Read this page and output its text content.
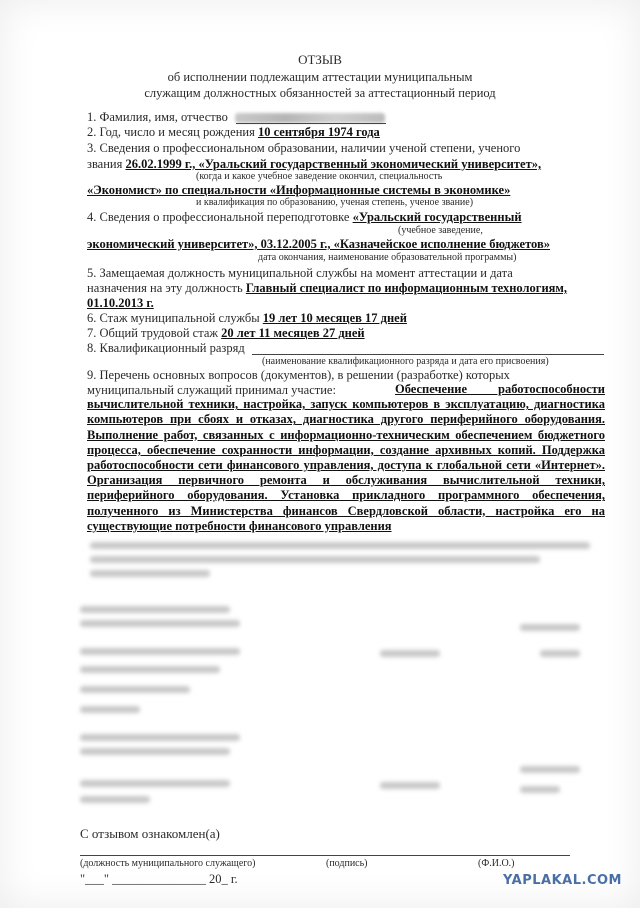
ОТЗЫВ
об исполнении подлежащим аттестации муниципальным
служащим должностных обязанностей за аттестационный период
1. Фамилия, имя, отчество
2. Год, число и месяц рождения 10 сентября 1974 года
3. Сведения о профессиональном образовании, наличии ученой степени, ученого
звания 26.02.1999 г., «Уральский государственный экономический университет»,
(когда и какое учебное заведение окончил, специальность
«Экономист» по специальности «Информационные системы в экономике»
и квалификация по образованию, ученая степень, ученое звание)
4. Сведения о профессиональной переподготовке «Уральский государственный
(учебное заведение,
экономический университет», 03.12.2005 г., «Казначейское исполнение бюджетов»
дата окончания, наименование образовательной программы)
5. Замещаемая должность муниципальной службы на момент аттестации и дата
назначения на эту должность Главный специалист по информационным технологиям,
01.10.2013 г.
6. Стаж муниципальной службы 19 лет 10 месяцев 17 дней
7. Общий трудовой стаж 20 лет 11 месяцев 27 дней
8. Квалификационный разряд
(наименование квалификационного разряда и дата его присвоения)
9. Перечень основных вопросов (документов), в решении (разработке) которых
муниципальный служащий принимал участие:	Обеспечение работоспособности вычислительной техники, настройка, запуск компьютеров в эксплуатацию, диагностика компьютеров при сбоях и отказах, диагностика другого периферийного оборудования. Выполнение работ, связанных с информационно-техническим обеспечением бюджетного процесса, обеспечение сохранности информации, создание архивных копий. Поддержка работоспособности сети финансового управления, доступа к глобальной сети «Интернет». Организация первичного ремонта и обслуживания вычислительной техники, периферийного оборудования. Установка прикладного программного обеспечения, полученного из Министерства финансов Свердловской области, настройка его на существующие потребности финансового управления
С отзывом ознакомлен(а)
(должность муниципального служащего)	(подпись)	(Ф.И.О.)
"___" _______________ 20_ г.	YAPLAKAL.COM
